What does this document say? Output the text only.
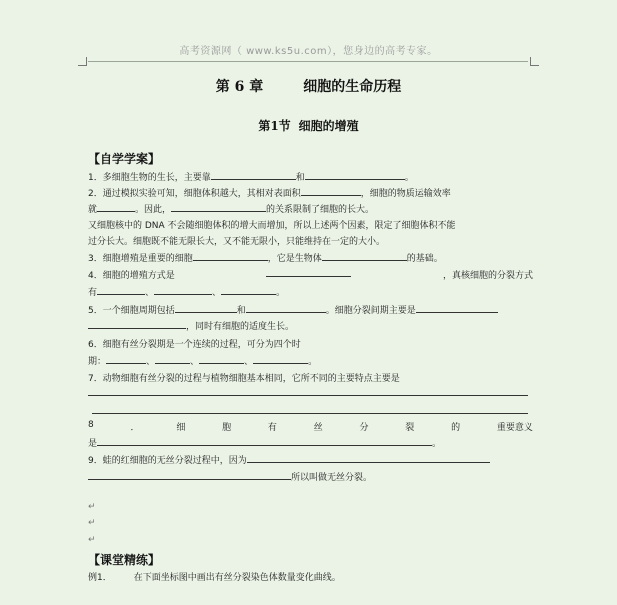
高考资源网（ www.ks5u.com），您身边的高考专家。
第 6 章	细胞的生命历程
第1节 细胞的增殖
【自学学案】
1．多细胞生物的生长，主要靠	和	。
2．通过模拟实验可知，细胞体积越大，其相对表面积	，细胞的物质运输效率
就	。因此，	的关系限制了细胞的长大。
又细胞核中的 DNA 不会随细胞体积的增大而增加，所以上述两个因素，限定了细胞体积不能
过分长大。细胞既不能无限长大，又不能无限小，只能维持在一定的大小。
3．细胞增殖是重要的细胞	，它是生物体	的基础。
4．细胞的增殖方式是	，真核细胞的分裂方式
有	、	、	。
5．一个细胞周期包括	和	。细胞分裂间期主要是
，同时有细胞的适度生长。
6．细胞有丝分裂期是一个连续的过程，可分为四个时
期：	、	、	、	。
7．动物细胞有丝分裂的过程与植物细胞基本相同，它所不同的主要特点主要是
8	．	细	胞	有	丝	分	裂	的	重要意义
是	。
9．蛙的红细胞的无丝分裂过程中，因为
所以叫做无丝分裂。
↵
↵
↵
【课堂精练】
例1． 在下面坐标图中画出有丝分裂染色体数量变化曲线。
